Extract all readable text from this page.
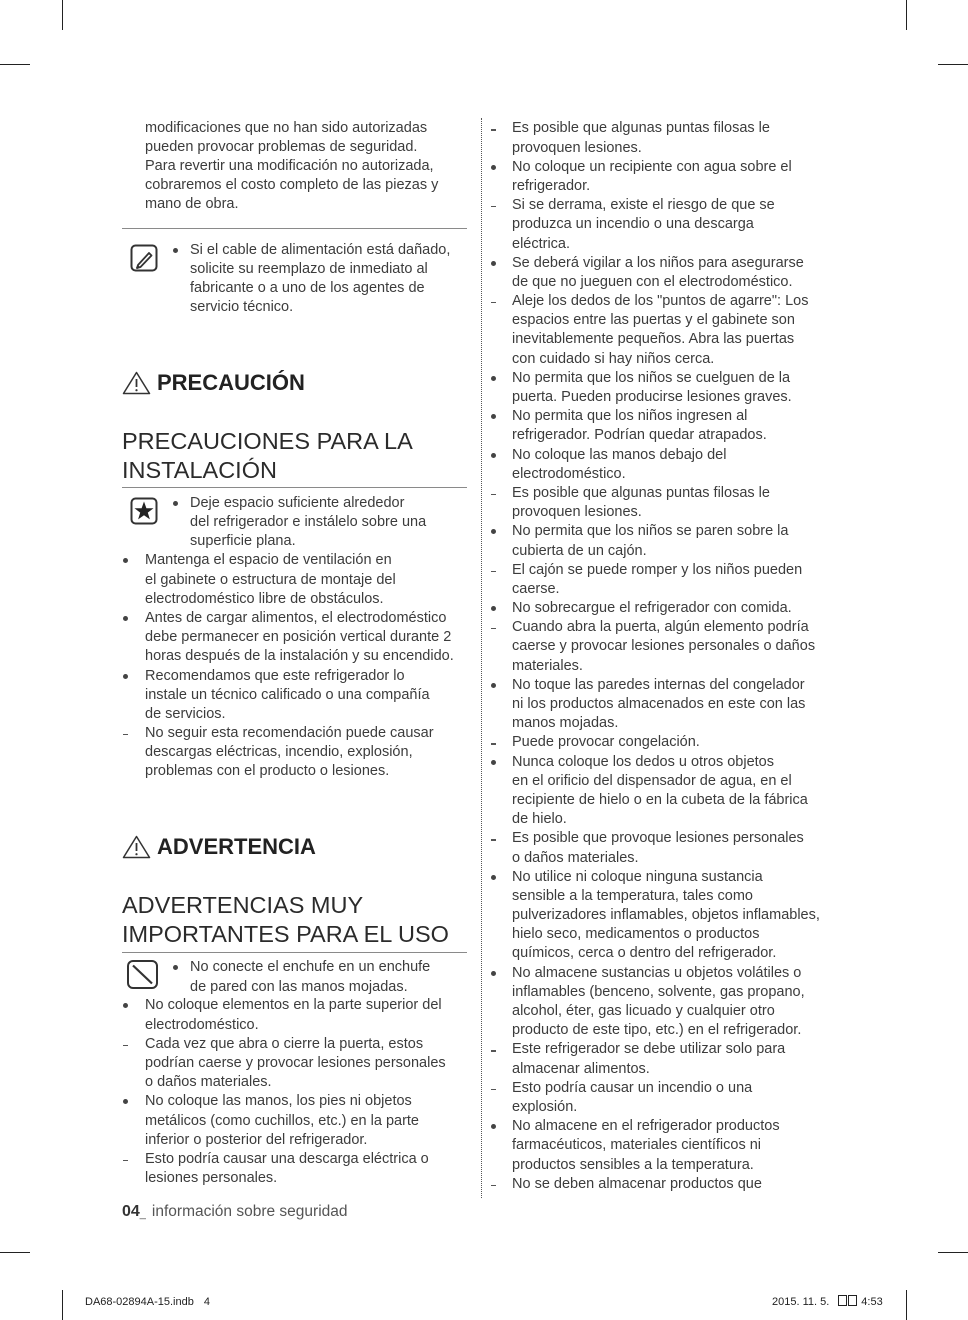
modificaciones que no han sido autorizadas
pueden provocar problemas de seguridad.
Para revertir una modificación no autorizada,
cobraremos el costo completo de las piezas y
mano de obra.
Si el cable de alimentación está dañado,
solicite su reemplazo de inmediato al
fabricante o a uno de los agentes de
servicio técnico.
PRECAUCIÓN
PRECAUCIONES PARA LA
INSTALACIÓN
Deje espacio suficiente alrededor
del refrigerador e instálelo sobre una
superficie plana.
Mantenga el espacio de ventilación en
el gabinete o estructura de montaje del
electrodoméstico libre de obstáculos.
Antes de cargar alimentos, el electrodoméstico
debe permanecer en posición vertical durante 2
horas después de la instalación y su encendido.
Recomendamos que este refrigerador lo
instale un técnico calificado o una compañía
de servicios.
No seguir esta recomendación puede causar
descargas eléctricas, incendio, explosión,
problemas con el producto o lesiones.
ADVERTENCIA
ADVERTENCIAS MUY
IMPORTANTES PARA EL USO
No conecte el enchufe en un enchufe
de pared con las manos mojadas.
No coloque elementos en la parte superior del
electrodoméstico.
Cada vez que abra o cierre la puerta, estos
podrían caerse y provocar lesiones personales
o daños materiales.
No coloque las manos, los pies ni objetos
metálicos (como cuchillos, etc.) en la parte
inferior o posterior del refrigerador.
Esto podría causar una descarga eléctrica o
lesiones personales.
04_ información sobre seguridad
Es posible que algunas puntas filosas le
provoquen lesiones.
No coloque un recipiente con agua sobre el
refrigerador.
Si se derrama, existe el riesgo de que se
produzca un incendio o una descarga
eléctrica.
Se deberá vigilar a los niños para asegurarse
de que no jueguen con el electrodoméstico.
Aleje los dedos de los "puntos de agarre": Los
espacios entre las puertas y el gabinete son
inevitablemente pequeños. Abra las puertas
con cuidado si hay niños cerca.
No permita que los niños se cuelguen de la
puerta. Pueden producirse lesiones graves.
No permita que los niños ingresen al
refrigerador. Podrían quedar atrapados.
No coloque las manos debajo del
electrodoméstico.
Es posible que algunas puntas filosas le
provoquen lesiones.
No permita que los niños se paren sobre la
cubierta de un cajón.
El cajón se puede romper y los niños pueden
caerse.
No sobrecargue el refrigerador con comida.
Cuando abra la puerta, algún elemento podría
caerse y provocar lesiones personales o daños
materiales.
No toque las paredes internas del congelador
ni los productos almacenados en este con las
manos mojadas.
Puede provocar congelación.
Nunca coloque los dedos u otros objetos
en el orificio del dispensador de agua, en el
recipiente de hielo o en la cubeta de la fábrica
de hielo.
Es posible que provoque lesiones personales
o daños materiales.
No utilice ni coloque ninguna sustancia
sensible a la temperatura, tales como
pulverizadores inflamables, objetos inflamables,
hielo seco, medicamentos o productos
químicos, cerca o dentro del refrigerador.
No almacene sustancias u objetos volátiles o
inflamables (benceno, solvente, gas propano,
alcohol, éter, gas licuado y cualquier otro
producto de este tipo, etc.) en el refrigerador.
Este refrigerador se debe utilizar solo para
almacenar alimentos.
Esto podría causar un incendio o una
explosión.
No almacene en el refrigerador productos
farmacéuticos, materiales científicos ni
productos sensibles a la temperatura.
No se deben almacenar productos que
DA68-02894A-15.indb 4	2015. 11. 5.	4:53
